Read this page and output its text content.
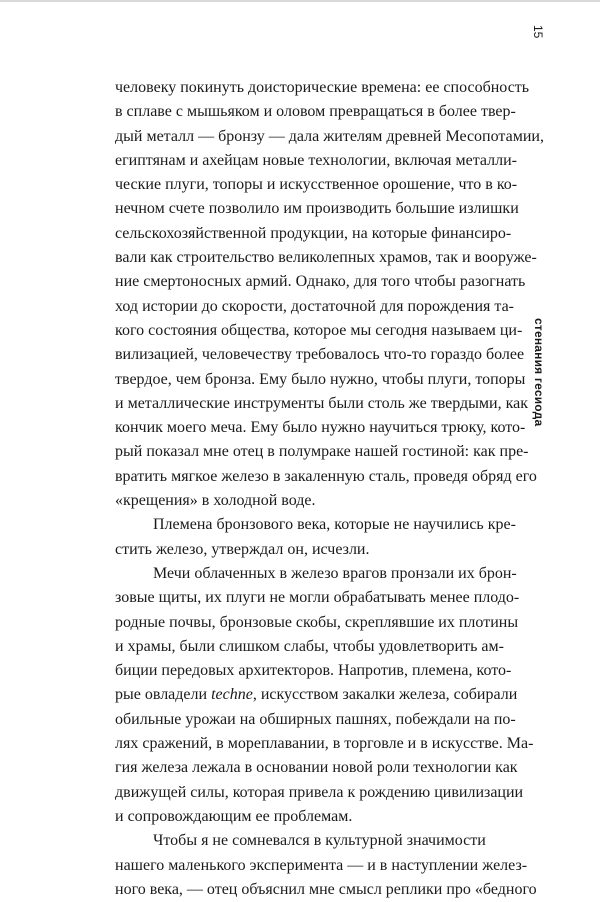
15
стенания гесиода
человеку покинуть доисторические времена: ее способность
в сплаве с мышьяком и оловом превращаться в более твер-
дый металл — бронзу — дала жителям древней Месопотамии,
египтянам и ахейцам новые технологии, включая металли-
ческие плуги, топоры и искусственное орошение, что в ко-
нечном счете позволило им производить большие излишки
сельскохозяйственной продукции, на которые финансиро-
вали как строительство великолепных храмов, так и вооруже-
ние смертоносных армий. Однако, для того чтобы разогнать
ход истории до скорости, достаточной для порождения та-
кого состояния общества, которое мы сегодня называем ци-
вилизацией, человечеству требовалось что-то гораздо более
твердое, чем бронза. Ему было нужно, чтобы плуги, топоры
и металлические инструменты были столь же твердыми, как
кончик моего меча. Ему было нужно научиться трюку, кото-
рый показал мне отец в полумраке нашей гостиной: как пре-
вратить мягкое железо в закаленную сталь, проведя обряд его
«крещения» в холодной воде.
Племена бронзового века, которые не научились кре-
стить железо, утверждал он, исчезли.
Мечи облаченных в железо врагов пронзали их брон-
зовые щиты, их плуги не могли обрабатывать менее плодо-
родные почвы, бронзовые скобы, скреплявшие их плотины
и храмы, были слишком слабы, чтобы удовлетворить ам-
биции передовых архитекторов. Напротив, племена, кото-
рые овладели techne, искусством закалки железа, собирали
обильные урожаи на обширных пашнях, побеждали на по-
лях сражений, в мореплавании, в торговле и в искусстве. Ма-
гия железа лежала в основании новой роли технологии как
движущей силы, которая привела к рождению цивилизации
и сопровождающим ее проблемам.
Чтобы я не сомневался в культурной значимости
нашего маленького эксперимента — и в наступлении желез-
ного века, — отец объяснил мне смысл реплики про «бедного
